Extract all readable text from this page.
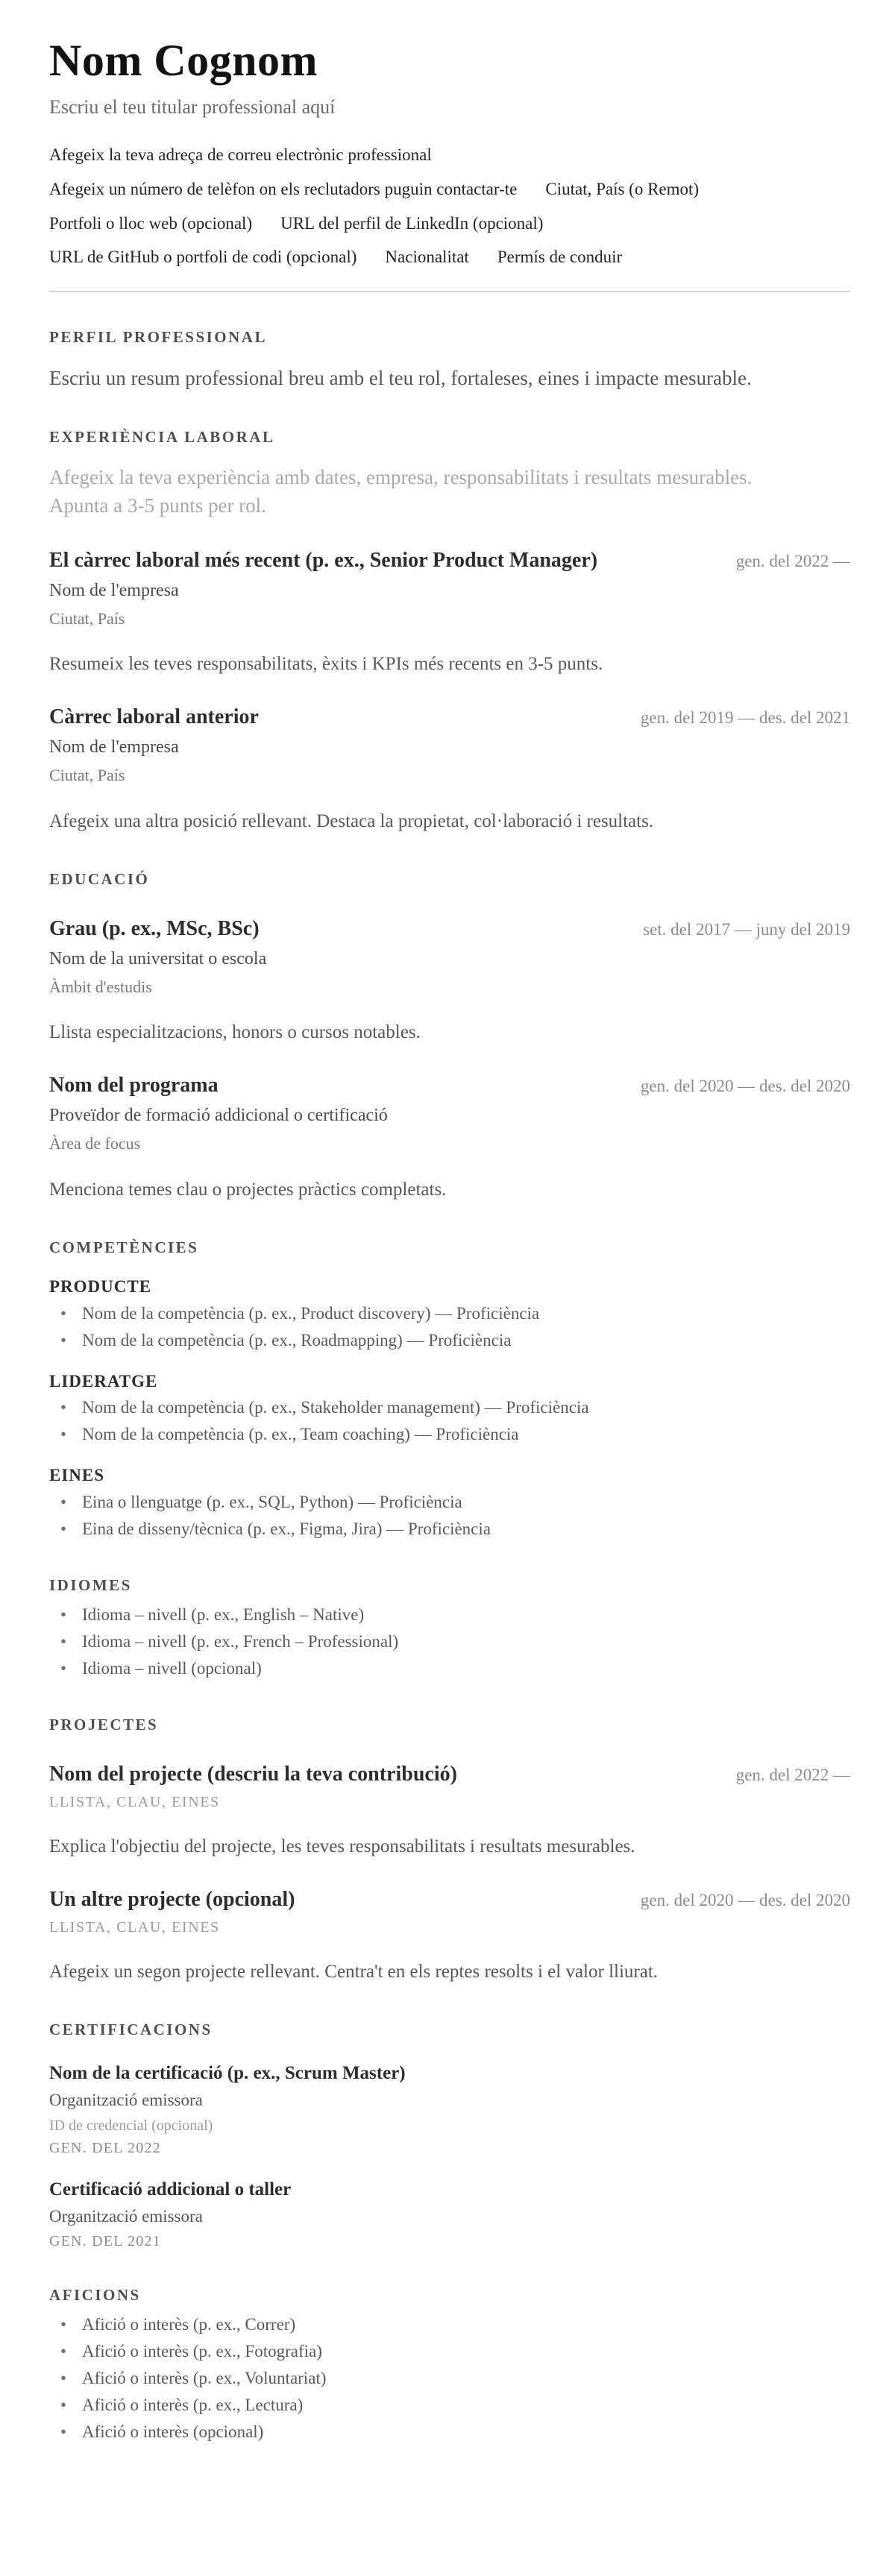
Nom Cognom

Escriu el teu titular professional aquí

Afegeix la teva adreça de correu electrònic professional
Afegeix un número de telèfon on els reclutadors puguin contactar-te Ciutat, País (o Remot)
Portfoli o lloc web (opcional) URL del perfil de LinkedIn (opcional)
URL de GitHub o portfoli de codi (opcional) Nacionalitat Permís de conduir
PERFIL PROFESSIONAL

Escriu un resum professional breu amb el teu rol, fortaleses, eines i impacte mesurable.

EXPERIÈNCIA LABORAL

Afegeix la teva experiència amb dates, empresa, responsabilitats i resultats mesurables. Apunta a 3-5 punts per rol.

El càrrec laboral més recent (p. ex., Senior Product Manager)	gen. del 2022 —

Nom de l'empresa

Ciutat, País

Resumeix les teves responsabilitats, èxits i KPIs més recents en 3-5 punts.

Càrrec laboral anterior	gen. del 2019 — des. del 2021

Nom de l'empresa

Ciutat, País

Afegeix una altra posició rellevant. Destaca la propietat, col·laboració i resultats.

EDUCACIÓ
Grau (p. ex., MSc, BSc)	set. del 2017 — juny del 2019

Nom de la universitat o escola

Àmbit d'estudis

Llista especialitzacions, honors o cursos notables.

Nom del programa	gen. del 2020 — des. del 2020

Proveïdor de formació addicional o certificació

Àrea de focus

Menciona temes clau o projectes pràctics completats.

COMPETÈNCIES
PRODUCTE
• Nom de la competència (p. ex., Product discovery) — Proficiència
• Nom de la competència (p. ex., Roadmapping) — Proficiència
LIDERATGE
• Nom de la competència (p. ex., Stakeholder management) — Proficiència
• Nom de la competència (p. ex., Team coaching) — Proficiència
EINES
• Eina o llenguatge (p. ex., SQL, Python) — Proficiència
• Eina de disseny/tècnica (p. ex., Figma, Jira) — Proficiència
IDIOMES
• Idioma – nivell (p. ex., English – Native)
• Idioma – nivell (p. ex., French – Professional)
• Idioma – nivell (opcional)
PROJECTES
Nom del projecte (descriu la teva contribució)	gen. del 2022 —

LLISTA, CLAU, EINES

Explica l'objectiu del projecte, les teves responsabilitats i resultats mesurables.

Un altre projecte (opcional)	gen. del 2020 — des. del 2020

LLISTA, CLAU, EINES

Afegeix un segon projecte rellevant. Centra't en els reptes resolts i el valor lliurat.

CERTIFICACIONS
Nom de la certificació (p. ex., Scrum Master)

Organització emissora

ID de credencial (opcional)

GEN. DEL 2022

Certificació addicional o taller

Organització emissora

GEN. DEL 2021

AFICIONS
• Afició o interès (p. ex., Correr)
• Afició o interès (p. ex., Fotografia)
• Afició o interès (p. ex., Voluntariat)
• Afició o interès (p. ex., Lectura)
• Afició o interès (opcional)
